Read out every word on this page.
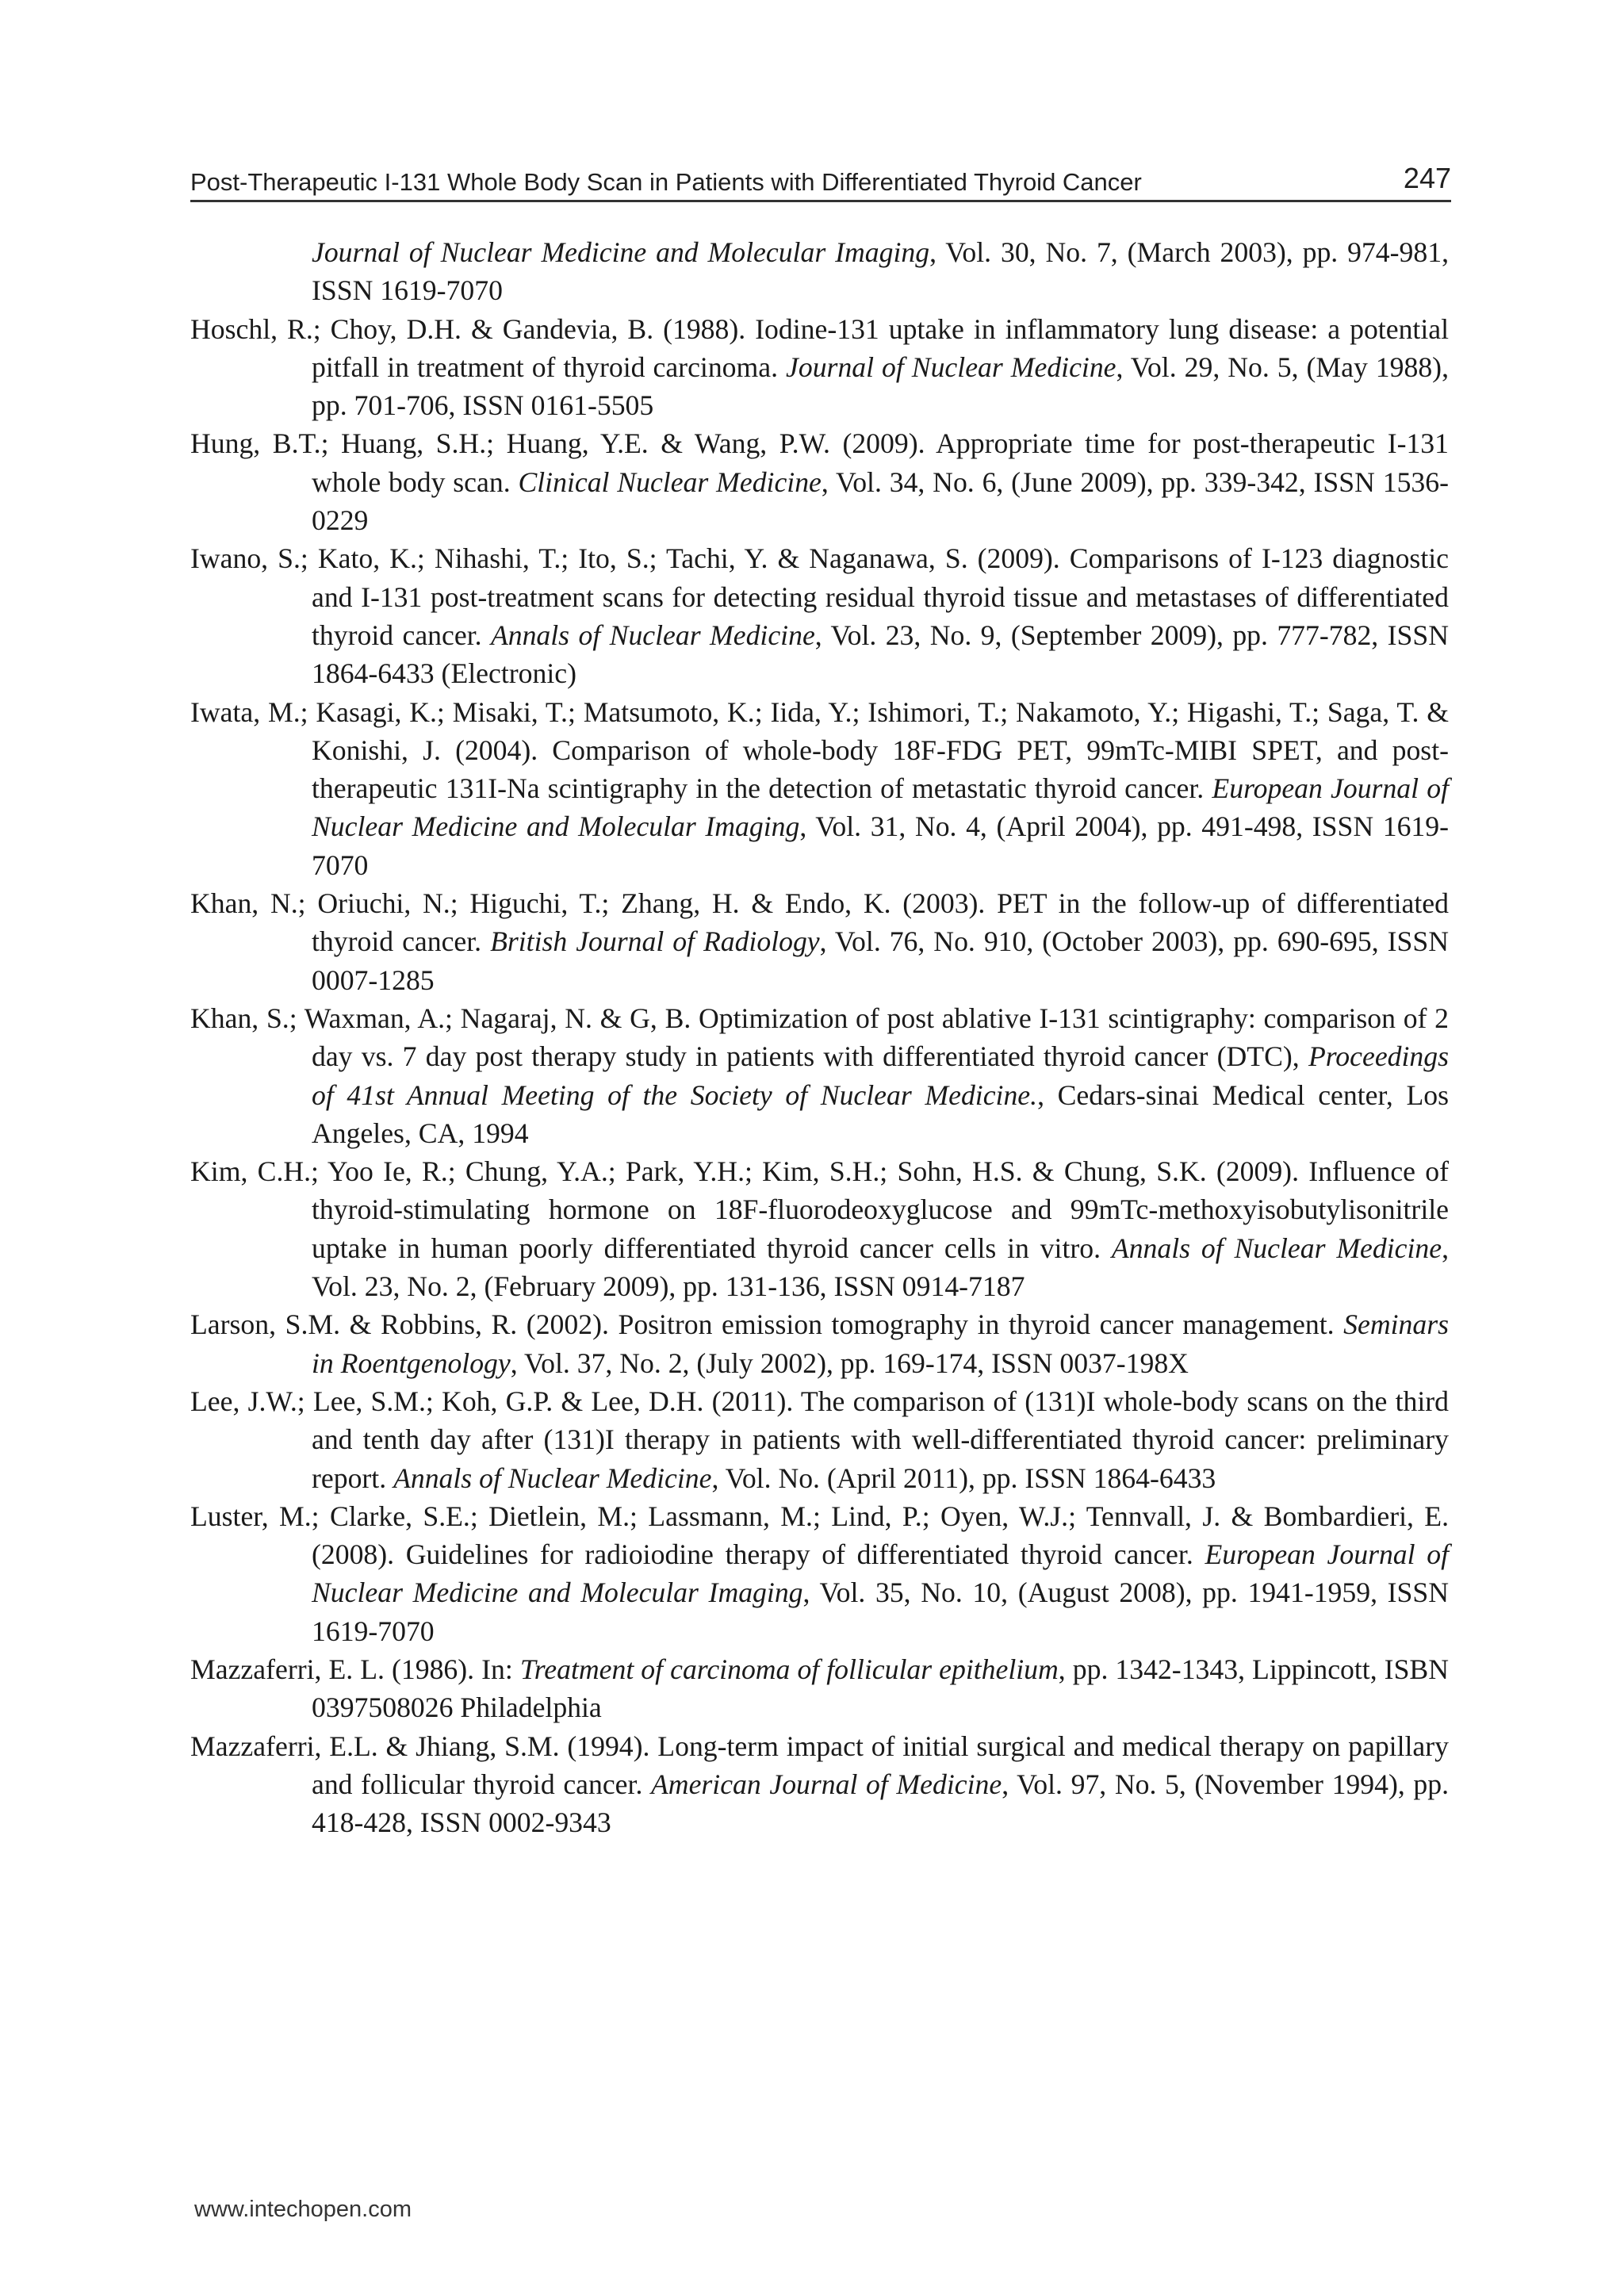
Post-Therapeutic I-131 Whole Body Scan in Patients with Differentiated Thyroid Cancer	247

Journal of Nuclear Medicine and Molecular Imaging, Vol. 30, No. 7, (March 2003), pp. 974-981, ISSN 1619-7070

Hoschl, R.; Choy, D.H. & Gandevia, B. (1988). Iodine-131 uptake in inflammatory lung disease: a potential pitfall in treatment of thyroid carcinoma. Journal of Nuclear Medicine, Vol. 29, No. 5, (May 1988), pp. 701-706, ISSN 0161-5505

Hung, B.T.; Huang, S.H.; Huang, Y.E. & Wang, P.W. (2009). Appropriate time for post-therapeutic I-131 whole body scan. Clinical Nuclear Medicine, Vol. 34, No. 6, (June 2009), pp. 339-342, ISSN 1536-0229

Iwano, S.; Kato, K.; Nihashi, T.; Ito, S.; Tachi, Y. & Naganawa, S. (2009). Comparisons of I-123 diagnostic and I-131 post-treatment scans for detecting residual thyroid tissue and metastases of differentiated thyroid cancer. Annals of Nuclear Medicine, Vol. 23, No. 9, (September 2009), pp. 777-782, ISSN 1864-6433 (Electronic)

Iwata, M.; Kasagi, K.; Misaki, T.; Matsumoto, K.; Iida, Y.; Ishimori, T.; Nakamoto, Y.; Higashi, T.; Saga, T. & Konishi, J. (2004). Comparison of whole-body 18F-FDG PET, 99mTc-MIBI SPET, and post-therapeutic 131I-Na scintigraphy in the detection of metastatic thyroid cancer. European Journal of Nuclear Medicine and Molecular Imaging, Vol. 31, No. 4, (April 2004), pp. 491-498, ISSN 1619-7070

Khan, N.; Oriuchi, N.; Higuchi, T.; Zhang, H. & Endo, K. (2003). PET in the follow-up of differentiated thyroid cancer. British Journal of Radiology, Vol. 76, No. 910, (October 2003), pp. 690-695, ISSN 0007-1285

Khan, S.; Waxman, A.; Nagaraj, N. & G, B. Optimization of post ablative I-131 scintigraphy: comparison of 2 day vs. 7 day post therapy study in patients with differentiated thyroid cancer (DTC), Proceedings of 41st Annual Meeting of the Society of Nuclear Medicine., Cedars-sinai Medical center, Los Angeles, CA, 1994

Kim, C.H.; Yoo Ie, R.; Chung, Y.A.; Park, Y.H.; Kim, S.H.; Sohn, H.S. & Chung, S.K. (2009). Influence of thyroid-stimulating hormone on 18F-fluorodeoxyglucose and 99mTc-methoxyisobutylisonitrile uptake in human poorly differentiated thyroid cancer cells in vitro. Annals of Nuclear Medicine, Vol. 23, No. 2, (February 2009), pp. 131-136, ISSN 0914-7187

Larson, S.M. & Robbins, R. (2002). Positron emission tomography in thyroid cancer management. Seminars in Roentgenology, Vol. 37, No. 2, (July 2002), pp. 169-174, ISSN 0037-198X

Lee, J.W.; Lee, S.M.; Koh, G.P. & Lee, D.H. (2011). The comparison of (131)I whole-body scans on the third and tenth day after (131)I therapy in patients with well-differentiated thyroid cancer: preliminary report. Annals of Nuclear Medicine, Vol. No. (April 2011), pp. ISSN 1864-6433

Luster, M.; Clarke, S.E.; Dietlein, M.; Lassmann, M.; Lind, P.; Oyen, W.J.; Tennvall, J. & Bombardieri, E. (2008). Guidelines for radioiodine therapy of differentiated thyroid cancer. European Journal of Nuclear Medicine and Molecular Imaging, Vol. 35, No. 10, (August 2008), pp. 1941-1959, ISSN 1619-7070

Mazzaferri, E. L. (1986). In: Treatment of carcinoma of follicular epithelium, pp. 1342-1343, Lippincott, ISBN 0397508026 Philadelphia

Mazzaferri, E.L. & Jhiang, S.M. (1994). Long-term impact of initial surgical and medical therapy on papillary and follicular thyroid cancer. American Journal of Medicine, Vol. 97, No. 5, (November 1994), pp. 418-428, ISSN 0002-9343

www.intechopen.com
